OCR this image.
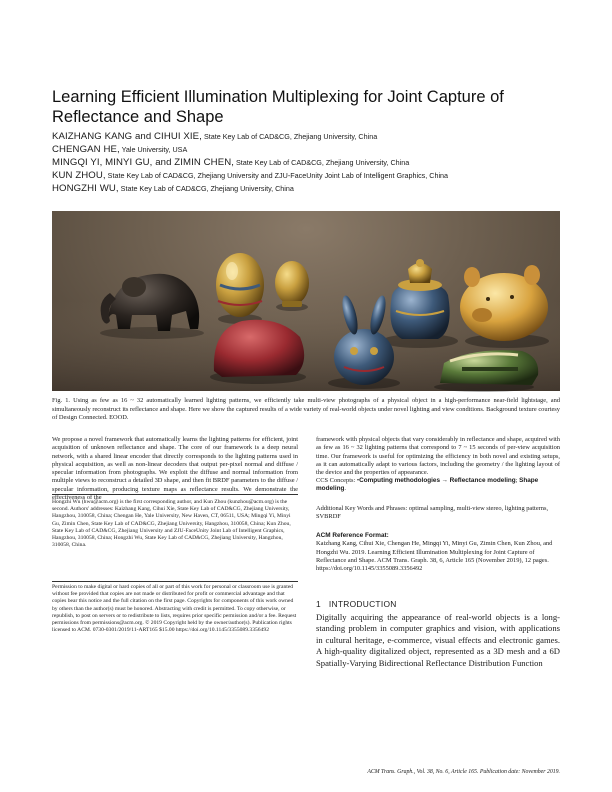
Learning Efficient Illumination Multiplexing for Joint Capture of Reflectance and Shape
KAIZHANG KANG and CIHUI XIE, State Key Lab of CAD&CG, Zhejiang University, China
CHENGAN HE, Yale University, USA
MINGQI YI, MINYI GU, and ZIMIN CHEN, State Key Lab of CAD&CG, Zhejiang University, China
KUN ZHOU, State Key Lab of CAD&CG, Zhejiang University and ZJU-FaceUnity Joint Lab of Intelligent Graphics, China
HONGZHI WU, State Key Lab of CAD&CG, Zhejiang University, China

Fig. 1. Using as few as 16 ~ 32 automatically learned lighting patterns, we efficiently take multi-view photographs of a physical object in a high-performance near-field lightstage, and simultaneously reconstruct its reflectance and shape. Here we show the captured results of a wide variety of real-world objects under novel lighting and view conditions. Background texture courtesy of Design Connected. EOOD.

We propose a novel framework that automatically learns the lighting patterns for efficient, joint acquisition of unknown reflectance and shape. The core of our framework is a deep neural network, with a shared linear encoder that directly corresponds to the lighting patterns used in physical acquisition, as well as non-linear decoders that output per-pixel normal and diffuse / specular information from photographs. We exploit the diffuse and normal information from multiple views to reconstruct a detailed 3D shape, and then fit BRDF parameters to the diffuse / specular information, producing texture maps as reflectance results. We demonstrate the effectiveness of the

Hongzhi Wu (hwu@acm.org) is the first corresponding author, and Kun Zhou (kunzhou@acm.org) is the second. Authors' addresses: Kaizhang Kang, Cihui Xie, State Key Lab of CAD&CG, Zhejiang University, Hangzhou, 310058, China; Chengan He, Yale University, New Haven, CT, 06511, USA; Mingqi Yi, Minyi Gu, Zimin Chen, State Key Lab of CAD&CG, Zhejiang University, Hangzhou, 310058, China; Kun Zhou, State Key Lab of CAD&CG, Zhejiang University and ZJU-FaceUnity Joint Lab of Intelligent Graphics, Hangzhou, 310058, China; Hongzhi Wu, State Key Lab of CAD&CG, Zhejiang University, Hangzhou, 310058, China.

Permission to make digital or hard copies of all or part of this work for personal or classroom use is granted without fee provided that copies are not made or distributed for profit or commercial advantage and that copies bear this notice and the full citation on the first page. Copyrights for components of this work owned by others than the author(s) must be honored. Abstracting with credit is permitted. To copy otherwise, or republish, to post on servers or to redistribute to lists, requires prior specific permission and/or a fee. Request permissions from permissions@acm.org. © 2019 Copyright held by the owner/author(s). Publication rights licensed to ACM. 0730-0301/2019/11-ART165 $15.00 https://doi.org/10.1145/3355089.3356492

framework with physical objects that vary considerably in reflectance and shape, acquired with as few as 16 ~ 32 lighting patterns that correspond to 7 ~ 15 seconds of per-view acquisition time. Our framework is useful for optimizing the efficiency in both novel and existing setups, as it can automatically adapt to various factors, including the geometry / the lighting layout of the device and the properties of appearance.

CCS Concepts: •Computing methodologies → Reflectance modeling; Shape modeling.

Additional Key Words and Phrases: optimal sampling, multi-view stereo, lighting patterns, SVBRDF

ACM Reference Format:
Kaizhang Kang, Cihui Xie, Chengan He, Mingqi Yi, Minyi Gu, Zimin Chen, Kun Zhou, and Hongzhi Wu. 2019. Learning Efficient Illumination Multiplexing for Joint Capture of Reflectance and Shape. ACM Trans. Graph. 38, 6, Article 165 (November 2019), 12 pages. https://doi.org/10.1145/3355089.3356492
1   INTRODUCTION

Digitally acquiring the appearance of real-world objects is a long-standing problem in computer graphics and vision, with applications in cultural heritage, e-commerce, visual effects and electronic games. A high-quality digitalized object, represented as a 3D mesh and a 6D Spatially-Varying Bidirectional Reflectance Distribution Function

ACM Trans. Graph., Vol. 38, No. 6, Article 165. Publication date: November 2019.
